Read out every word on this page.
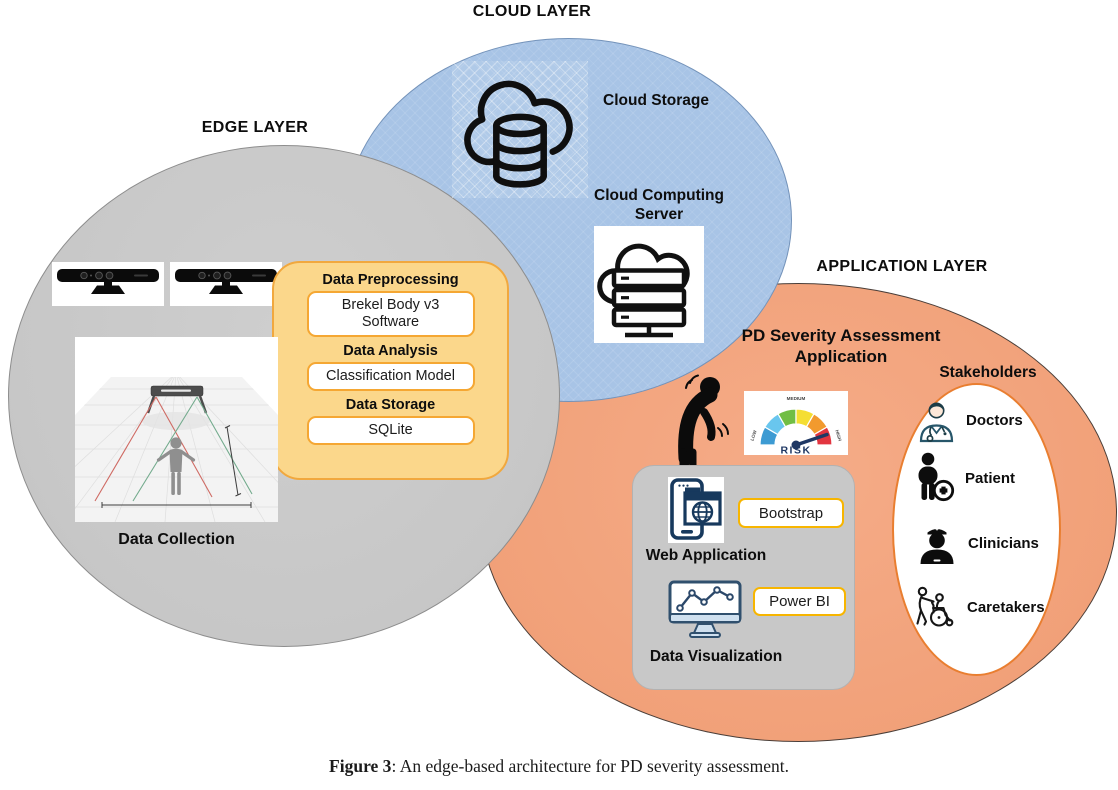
CLOUD LAYER
EDGE LAYER
APPLICATION LAYER
Data Preprocessing
Brekel Body v3 Software
Data Analysis
Classification Model
Data Storage
SQLite
Data Collection
Cloud Storage
Cloud Computing Server
PD Severity Assessment Application
MEDIUM
LOW	HIGH
RISK
Bootstrap
Web Application
Power BI
Data Visualization
Stakeholders
Doctors
Patient
Clinicians
Caretakers
Figure 3: An edge-based architecture for PD severity assessment.
